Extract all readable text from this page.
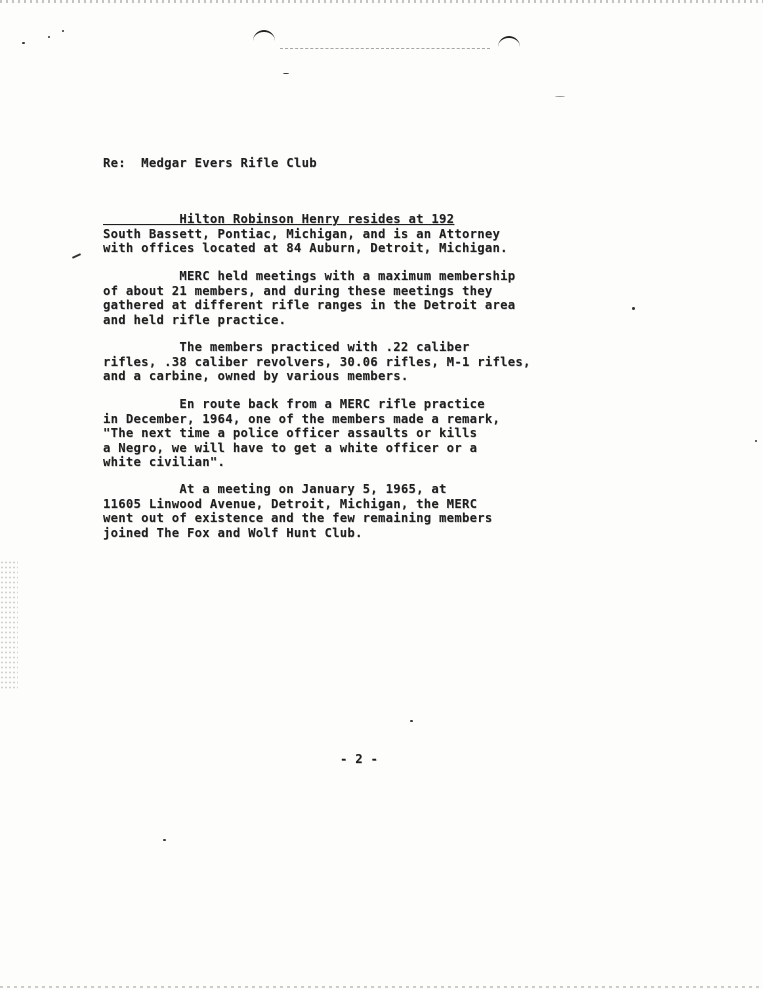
Re:  Medgar Evers Rifle Club
Hilton Robinson Henry resides at 192
South Bassett, Pontiac, Michigan, and is an Attorney
with offices located at 84 Auburn, Detroit, Michigan.
MERC held meetings with a maximum membership
of about 21 members, and during these meetings they
gathered at different rifle ranges in the Detroit area
and held rifle practice.
The members practiced with .22 caliber
rifles, .38 caliber revolvers, 30.06 rifles, M-1 rifles,
and a carbine, owned by various members.
En route back from a MERC rifle practice
in December, 1964, one of the members made a remark,
"The next time a police officer assaults or kills
a Negro, we will have to get a white officer or a
white civilian".
At a meeting on January 5, 1965, at
11605 Linwood Avenue, Detroit, Michigan, the MERC
went out of existence and the few remaining members
joined The Fox and Wolf Hunt Club.
- 2 -
